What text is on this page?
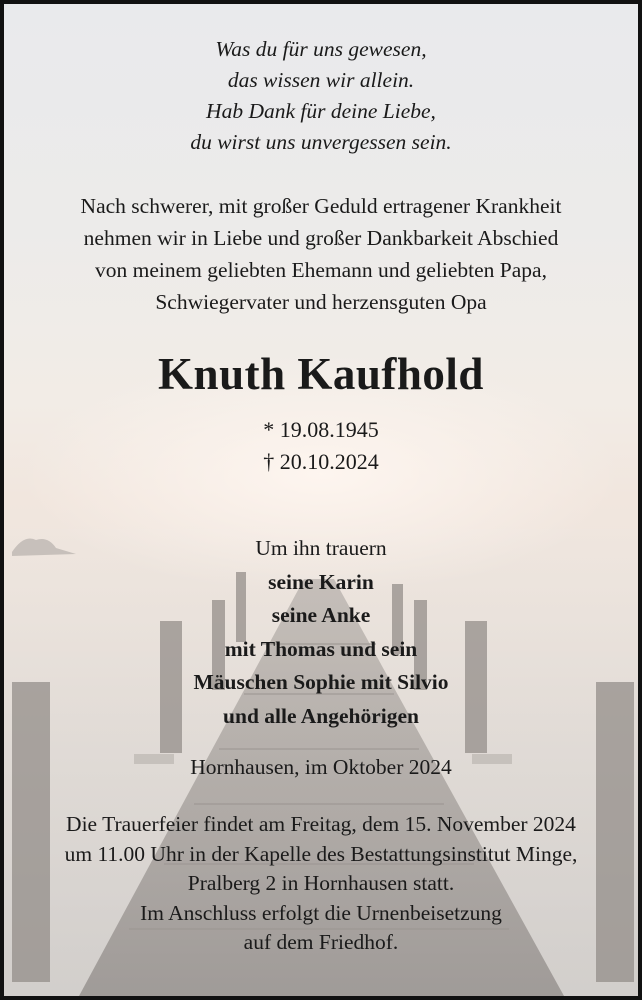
Was du für uns gewesen,
das wissen wir allein.
Hab Dank für deine Liebe,
du wirst uns unvergessen sein.
Nach schwerer, mit großer Geduld ertragener Krankheit
nehmen wir in Liebe und großer Dankbarkeit Abschied
von meinem geliebten Ehemann und geliebten Papa,
Schwiegervater und herzensguten Opa
Knuth Kaufhold
* 19.08.1945
† 20.10.2024
Um ihn trauern
seine Karin
seine Anke
mit Thomas und sein
Mäuschen Sophie mit Silvio
und alle Angehörigen
Hornhausen, im Oktober 2024
Die Trauerfeier findet am Freitag, dem 15. November 2024
um 11.00 Uhr in der Kapelle des Bestattungsinstitut Minge,
Pralberg 2 in Hornhausen statt.
Im Anschluss erfolgt die Urnenbeisetzung
auf dem Friedhof.
